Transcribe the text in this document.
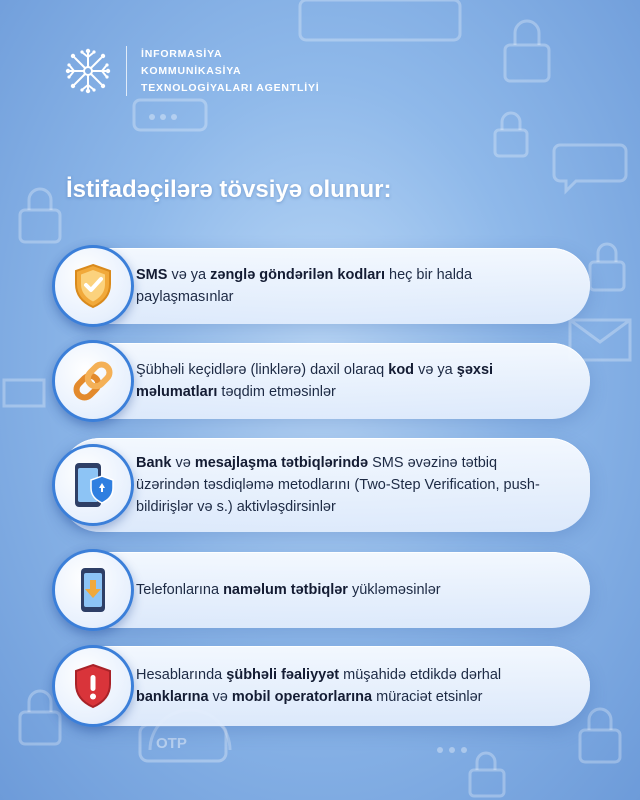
OTP
İNFORMASİYA
KOMMUNİKASİYA
TEXNOLOGİYALARI AGENTLİYİ
İstifadəçilərə tövsiyə olunur:
SMS və ya zənglə göndərilən kodları heç bir halda paylaşmasınlar
Şübhəli keçidlərə (linklərə) daxil olaraq kod və ya şəxsi məlumatları təqdim etməsinlər
Bank və mesajlaşma tətbiqlərində SMS əvəzinə tətbiq üzərindən təsdiqləmə metodlarını (Two-Step Verification, push-bildirişlər və s.) aktivləşdirsinlər
Telefonlarına naməlum tətbiqlər yükləməsinlər
Hesablarında şübhəli fəaliyyət müşahidə etdikdə dərhal banklarına və mobil operatorlarına müraciət etsinlər
